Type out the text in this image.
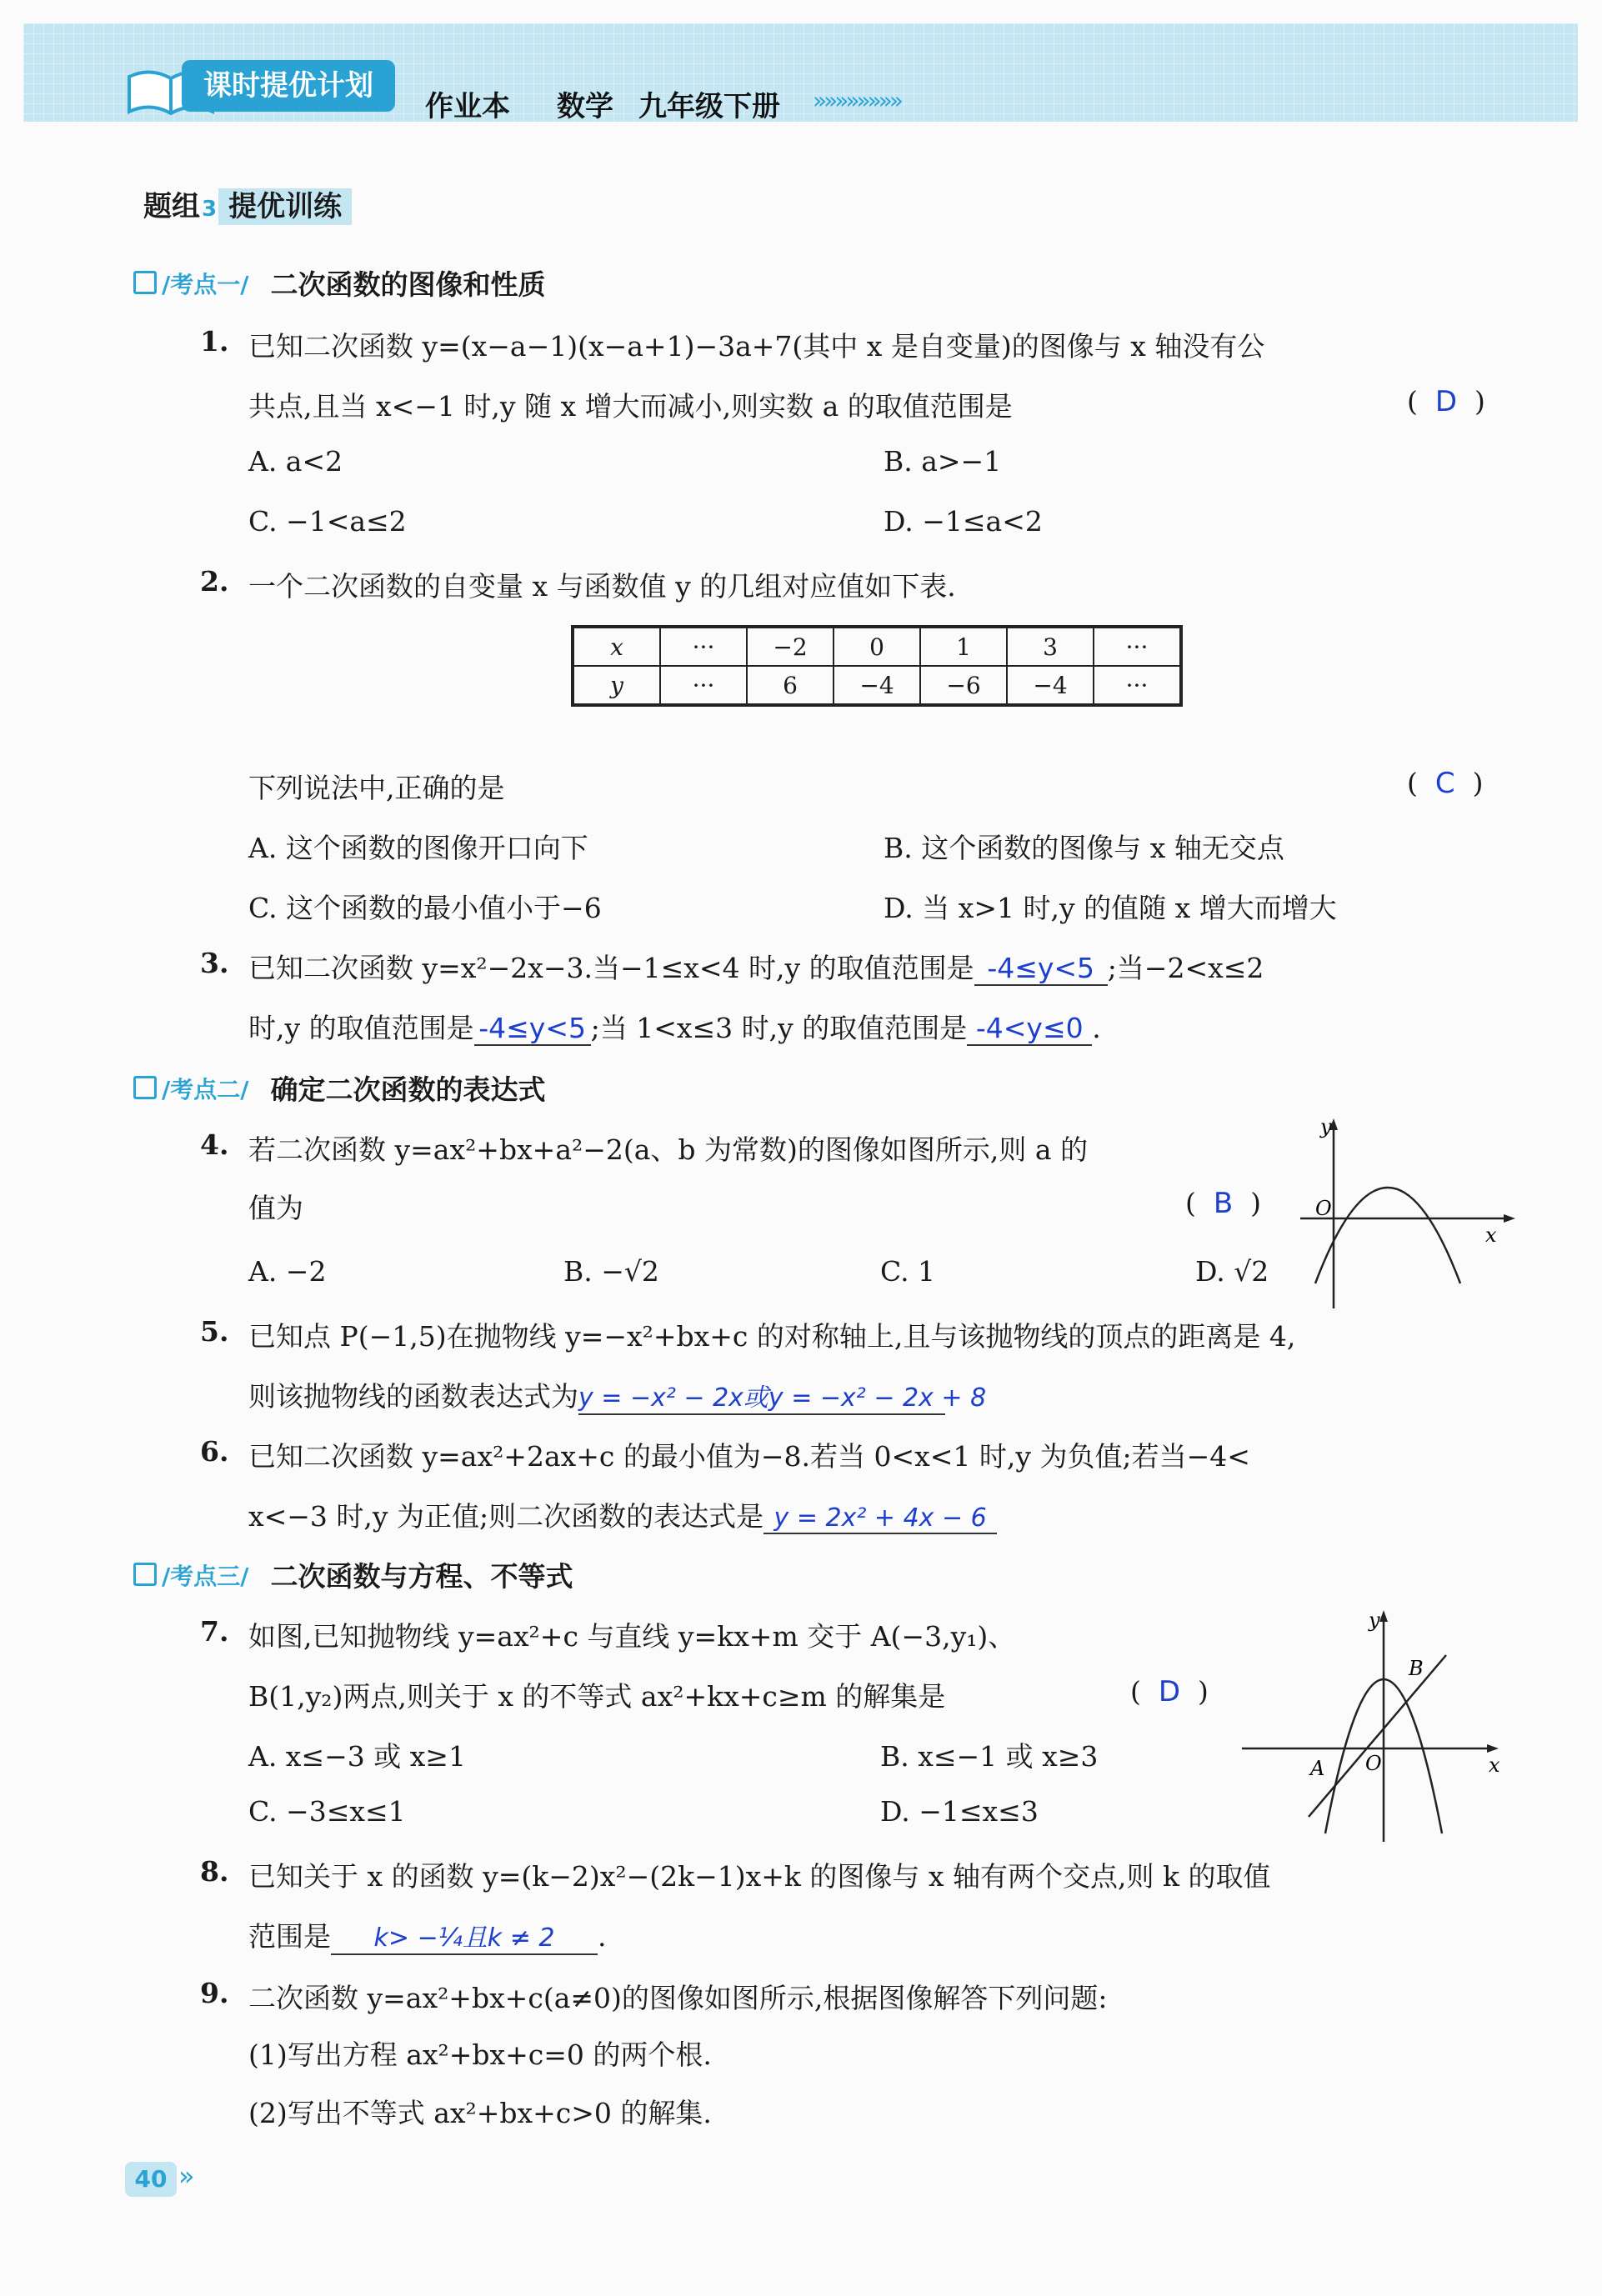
课时提优计划
作业本 数学 九年级下册 »»»»»»»»
题组3 提优训练
/考点一/ 二次函数的图像和性质
1. 已知二次函数 y=(x−a−1)(x−a+1)−3a+7(其中 x 是自变量)的图像与 x 轴没有公
共点,且当 x<−1 时,y 随 x 增大而减小,则实数 a 的取值范围是	(  D  )
A. a<2	B. a>−1
C. −1<a≤2	D. −1≤a<2
2. 一个二次函数的自变量 x 与函数值 y 的几组对应值如下表.
x	···	−2	0	1	3	···
y	···	6	−4	−6	−4	···
下列说法中,正确的是	(  C  )
A. 这个函数的图像开口向下	B. 这个函数的图像与 x 轴无交点
C. 这个函数的最小值小于−6	D. 当 x>1 时,y 的值随 x 增大而增大
3. 已知二次函数 y=x²−2x−3.当−1≤x<4 时,y 的取值范围是 -4≤y<5 ;当−2<x≤2
时,y 的取值范围是 -4≤y<5 ;当 1<x≤3 时,y 的取值范围是 -4<y≤0 .
/考点二/ 确定二次函数的表达式
4. 若二次函数 y=ax²+bx+a²−2(a、b 为常数)的图像如图所示,则 a 的
值为	(  B  )
A. −2	B. −√2	C. 1	D. √2
y
x
O
5. 已知点 P(−1,5)在抛物线 y=−x²+bx+c 的对称轴上,且与该抛物线的顶点的距离是 4,
则该抛物线的函数表达式为y = −x² − 2x或y = −x² − 2x + 8
6. 已知二次函数 y=ax²+2ax+c 的最小值为−8.若当 0<x<1 时,y 为负值;若当−4<
x<−3 时,y 为正值;则二次函数的表达式是 y = 2x² + 4x − 6
/考点三/ 二次函数与方程、不等式
7. 如图,已知抛物线 y=ax²+c 与直线 y=kx+m 交于 A(−3,y₁)、
B(1,y₂)两点,则关于 x 的不等式 ax²+kx+c≥m 的解集是	(  D  )
A. x≤−3 或 x≥1	B. x≤−1 或 x≥3
C. −3≤x≤1	D. −1≤x≤3
y
x
O
A
B
8. 已知关于 x 的函数 y=(k−2)x²−(2k−1)x+k 的图像与 x 轴有两个交点,则 k 的取值
范围是 k> −¼且k ≠ 2 .
9. 二次函数 y=ax²+bx+c(a≠0)的图像如图所示,根据图像解答下列问题:
(1)写出方程 ax²+bx+c=0 的两个根.
(2)写出不等式 ax²+bx+c>0 的解集.
40 »
